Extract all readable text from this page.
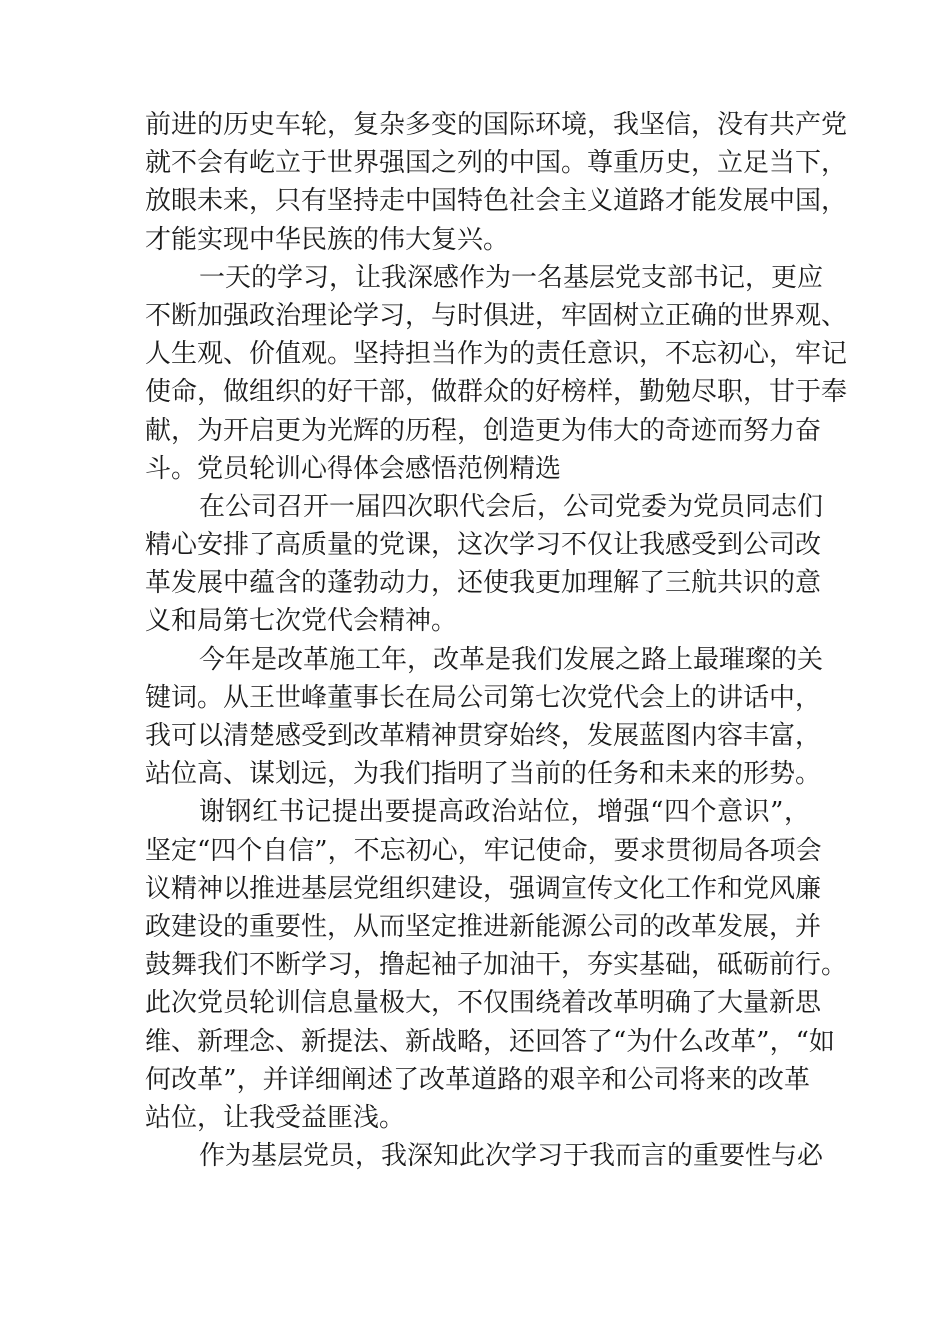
前进的历史车轮，复杂多变的国际环境，我坚信，没有共产党
就不会有屹立于世界强国之列的中国。尊重历史，立足当下，
放眼未来，只有坚持走中国特色社会主义道路才能发展中国，
才能实现中华民族的伟大复兴。
一天的学习，让我深感作为一名基层党支部书记，更应
不断加强政治理论学习，与时俱进，牢固树立正确的世界观、
人生观、价值观。坚持担当作为的责任意识，不忘初心，牢记
使命，做组织的好干部，做群众的好榜样，勤勉尽职，甘于奉
献，为开启更为光辉的历程，创造更为伟大的奇迹而努力奋
斗。党员轮训心得体会感悟范例精选
在公司召开一届四次职代会后，公司党委为党员同志们
精心安排了高质量的党课，这次学习不仅让我感受到公司改
革发展中蕴含的蓬勃动力，还使我更加理解了三航共识的意
义和局第七次党代会精神。
今年是改革施工年，改革是我们发展之路上最璀璨的关
键词。从王世峰董事长在局公司第七次党代会上的讲话中，
我可以清楚感受到改革精神贯穿始终，发展蓝图内容丰富，
站位高、谋划远，为我们指明了当前的任务和未来的形势。
谢钢红书记提出要提高政治站位，增强“四个意识”，
坚定“四个自信”，不忘初心，牢记使命，要求贯彻局各项会
议精神以推进基层党组织建设，强调宣传文化工作和党风廉
政建设的重要性，从而坚定推进新能源公司的改革发展，并
鼓舞我们不断学习，撸起袖子加油干，夯实基础，砥砺前行。
此次党员轮训信息量极大，不仅围绕着改革明确了大量新思
维、新理念、新提法、新战略，还回答了“为什么改革”，“如
何改革”，并详细阐述了改革道路的艰辛和公司将来的改革
站位，让我受益匪浅。
作为基层党员，我深知此次学习于我而言的重要性与必
